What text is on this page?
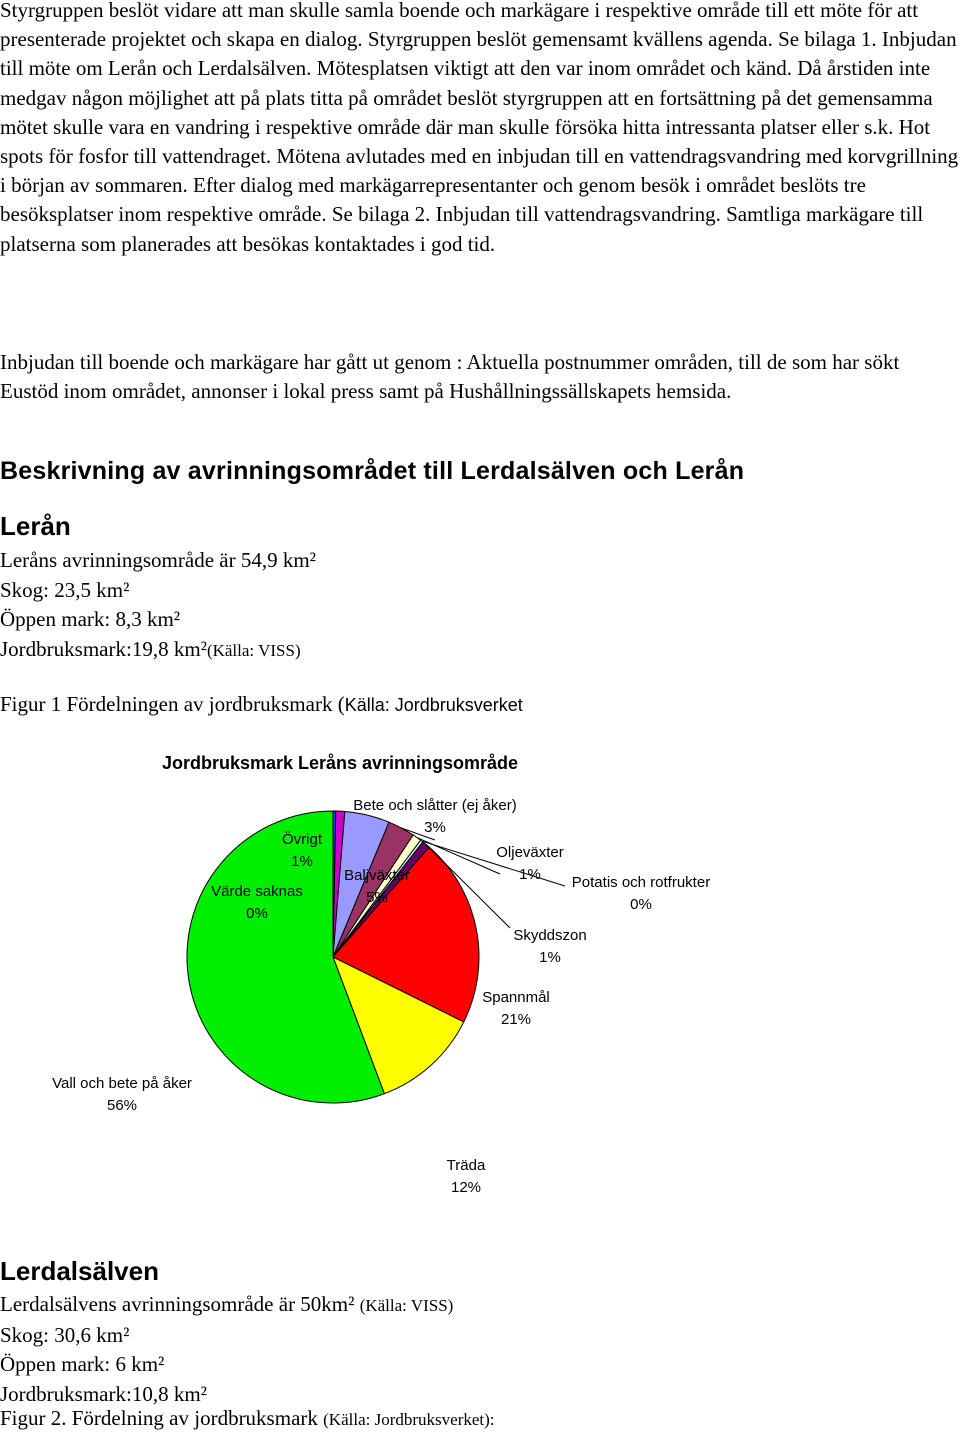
Styrgruppen beslöt vidare att man skulle samla boende och markägare i respektive område till ett möte för att presenterade projektet och skapa en dialog. Styrgruppen beslöt gemensamt kvällens agenda. Se bilaga 1. Inbjudan till möte om Lerån och Lerdalsälven. Mötesplatsen viktigt att den var inom området och känd. Då årstiden inte medgav någon möjlighet att på plats titta på området beslöt styrgruppen att en fortsättning på det gemensamma mötet skulle vara en vandring i respektive område där man skulle försöka hitta intressanta platser eller s.k. Hot spots för fosfor till vattendraget. Mötena avlutades med en inbjudan till en vattendragsvandring med korvgrillning i början av sommaren. Efter dialog med markägarrepresentanter och genom besök i området beslöts tre besöksplatser inom respektive område. Se bilaga 2. Inbjudan till vattendragsvandring. Samtliga markägare till platserna som planerades att besökas kontaktades i god tid.

Inbjudan till boende och markägare har gått ut genom : Aktuella postnummer områden, till de som har sökt Eustöd inom området, annonser i lokal press samt på Hushållningssällskapets hemsida.

Beskrivning av avrinningsområdet till Lerdalsälven och Lerån
Lerån
Leråns avrinningsområde är 54,9 km²
Skog: 23,5 km²
Öppen mark: 8,3 km²
Jordbruksmark:19,8 km²(Källa: VISS)
Figur 1 Fördelningen av jordbruksmark (Källa: Jordbruksverket
Jordbruksmark Leråns avrinningsområde
Värde saknas
0%
Övrigt
1%
Baljväxter
5%
Bete och slåtter (ej åker)
3%
Oljeväxter
1% Potatis och rotfrukter
0%
Skyddszon
1%
Spannmål
21%
Träda
12%
Vall och bete på åker
56%
Lerdalsälven
Lerdalsälvens avrinningsområde är 50km² (Källa: VISS)
Skog: 30,6 km²
Öppen mark: 6 km²
Jordbruksmark:10,8 km²
Figur 2. Fördelning av jordbruksmark (Källa: Jordbruksverket):
